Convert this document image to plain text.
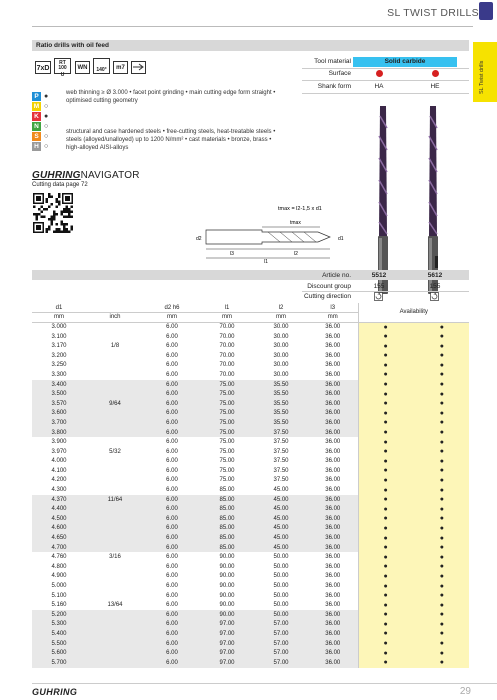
SL TWIST DRILLS
SL Twist drills
Ratio drills with oil feed
7xD
RT 100
U
WN	140°	m7
Tool material	Solid carbide
Surface
Shank form	HA	HE
P ●
M ○
K ●
N ○
S ○
H ○
web thinning ≥ Ø 3.000 • facet point grinding • main cutting edge form straight • optimised cutting geometry
structural and case hardened steels • free-cutting steels, heat-treatable steels • steels (alloyed/unalloyed) up to 1200 N/mm² • cast materials • bronze, brass • high-alloyed AISI-alloys
GUHRINGNAVIGATOR
Cutting data page 72
tmax = l2-1,5 x d1
tmax
d2	d1
l3	l2
l1
Article no.	5512	5612
Discount group	155	155
Cutting direction
d1		d2 h6	l1	l2	l3	Availability
mm	inch	mm	mm	mm	mm	
3.000		6.00	70.00	30.00	36.00	● ●
3.100		6.00	70.00	30.00	36.00	● ●
3.170	1/8	6.00	70.00	30.00	36.00	● ●
3.200		6.00	70.00	30.00	36.00	● ●
3.250		6.00	70.00	30.00	36.00	● ●
3.300		6.00	70.00	30.00	36.00	● ●
3.400		6.00	75.00	35.50	36.00	● ●
3.500		6.00	75.00	35.50	36.00	● ●
3.570	9/64	6.00	75.00	35.50	36.00	● ●
3.600		6.00	75.00	35.50	36.00	● ●
3.700		6.00	75.00	35.50	36.00	● ●
3.800		6.00	75.00	37.50	36.00	● ●
3.900		6.00	75.00	37.50	36.00	● ●
3.970	5/32	6.00	75.00	37.50	36.00	● ●
4.000		6.00	75.00	37.50	36.00	● ●
4.100		6.00	75.00	37.50	36.00	● ●
4.200		6.00	75.00	37.50	36.00	● ●
4.300		6.00	85.00	45.00	36.00	● ●
4.370	11/64	6.00	85.00	45.00	36.00	● ●
4.400		6.00	85.00	45.00	36.00	● ●
4.500		6.00	85.00	45.00	36.00	● ●
4.600		6.00	85.00	45.00	36.00	● ●
4.650		6.00	85.00	45.00	36.00	● ●
4.700		6.00	85.00	45.00	36.00	● ●
4.760	3/16	6.00	90.00	50.00	36.00	● ●
4.800		6.00	90.00	50.00	36.00	● ●
4.900		6.00	90.00	50.00	36.00	● ●
5.000		6.00	90.00	50.00	36.00	● ●
5.100		6.00	90.00	50.00	36.00	● ●
5.160	13/64	6.00	90.00	50.00	36.00	● ●
5.200		6.00	90.00	50.00	36.00	● ●
5.300		6.00	97.00	57.00	36.00	● ●
5.400		6.00	97.00	57.00	36.00	● ●
5.500		6.00	97.00	57.00	36.00	● ●
5.600		6.00	97.00	57.00	36.00	● ●
5.700		6.00	97.00	57.00	36.00	● ●
GUHRING	29
